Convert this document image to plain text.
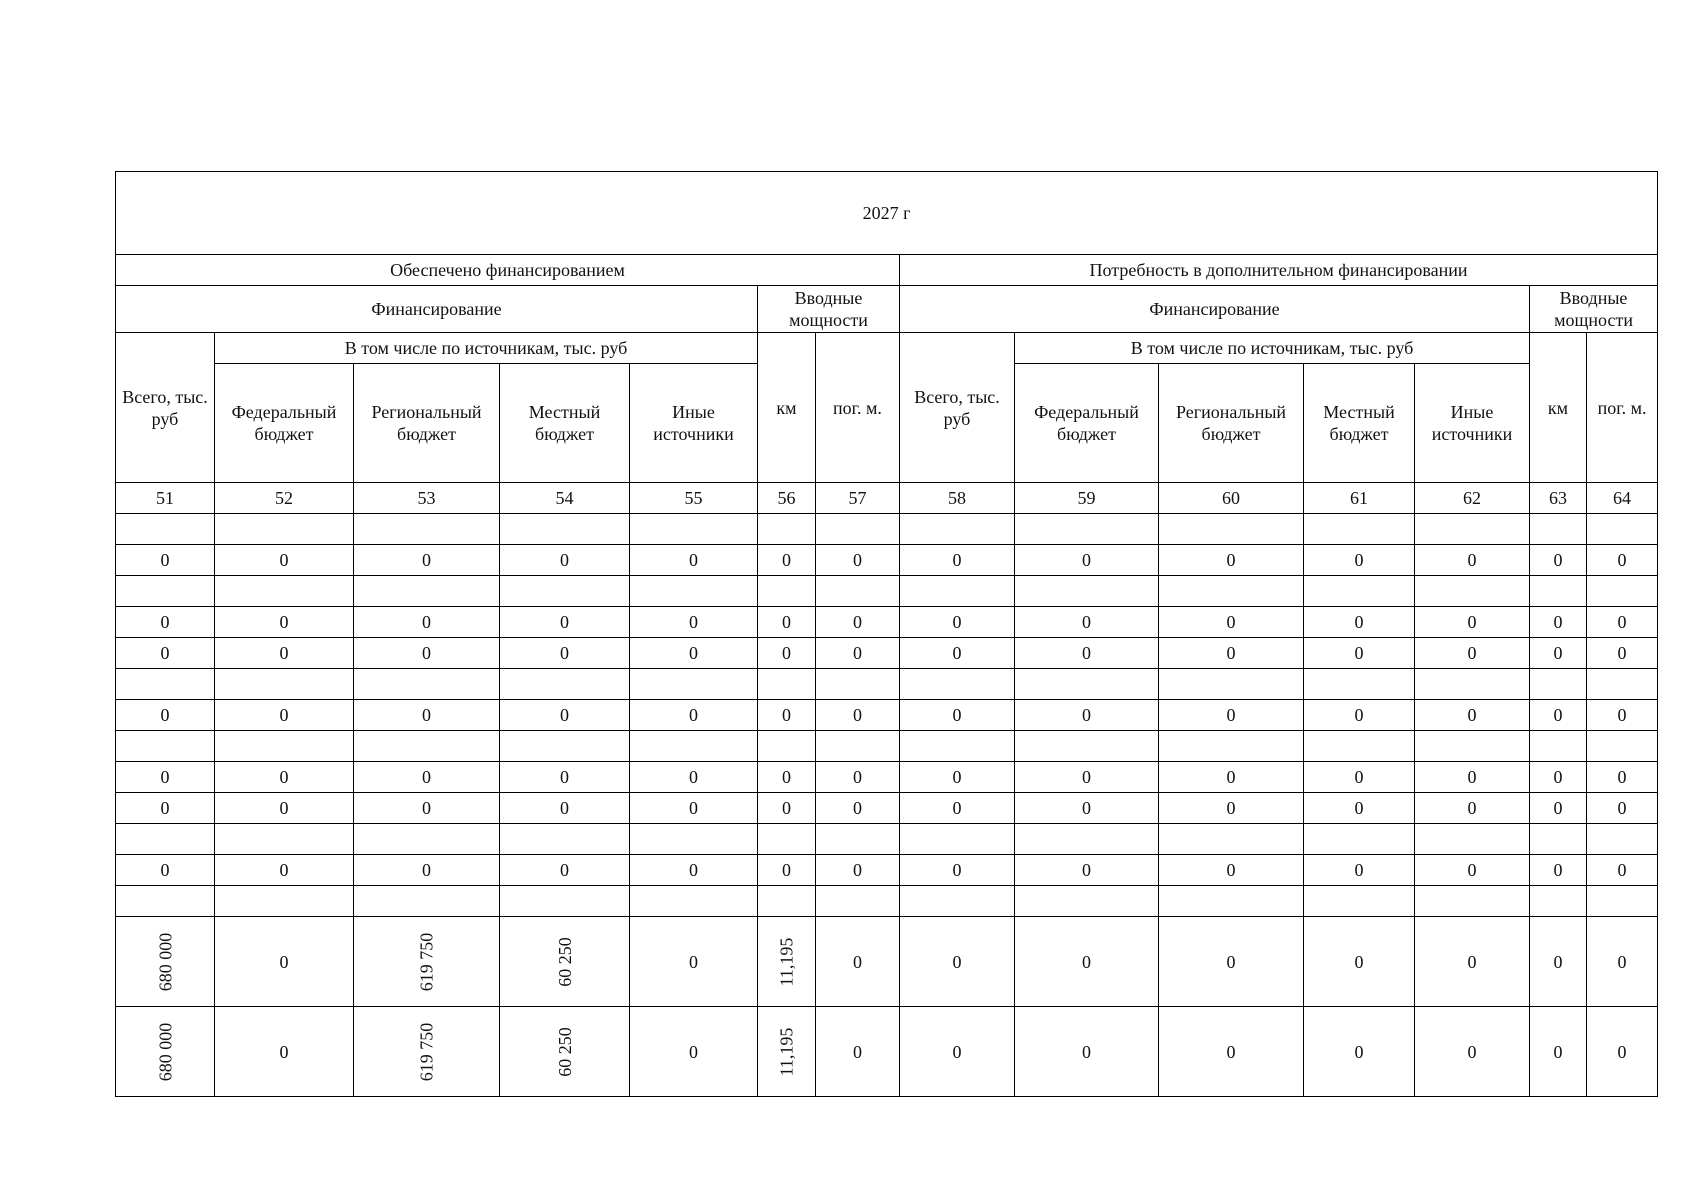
2027 г													
Обеспечено финансированием							Потребность в дополнительном финансировании						
Финансирование					Вводные мощности		Финансирование					Вводные мощности	
Всего, тыс. руб	В том числе по источникам, тыс. руб				км	пог. м.	Всего, тыс. руб	В том числе по источникам, тыс. руб				км	пог. м.
	Федеральный бюджет	Региональный бюджет	Местный бюджет	Иные источники				Федеральный бюджет	Региональный бюджет	Местный бюджет	Иные источники		
51	52	53	54	55	56	57	58	59	60	61	62	63	64

0	0	0	0	0	0	0	0	0	0	0	0	0	0

0	0	0	0	0	0	0	0	0	0	0	0	0	0
0	0	0	0	0	0	0	0	0	0	0	0	0	0

0	0	0	0	0	0	0	0	0	0	0	0	0	0

0	0	0	0	0	0	0	0	0	0	0	0	0	0
0	0	0	0	0	0	0	0	0	0	0	0	0	0

0	0	0	0	0	0	0	0	0	0	0	0	0	0

680 000	0	619 750	60 250	0	11,195	0	0	0	0	0	0	0	0
680 000	0	619 750	60 250	0	11,195	0	0	0	0	0	0	0	0
